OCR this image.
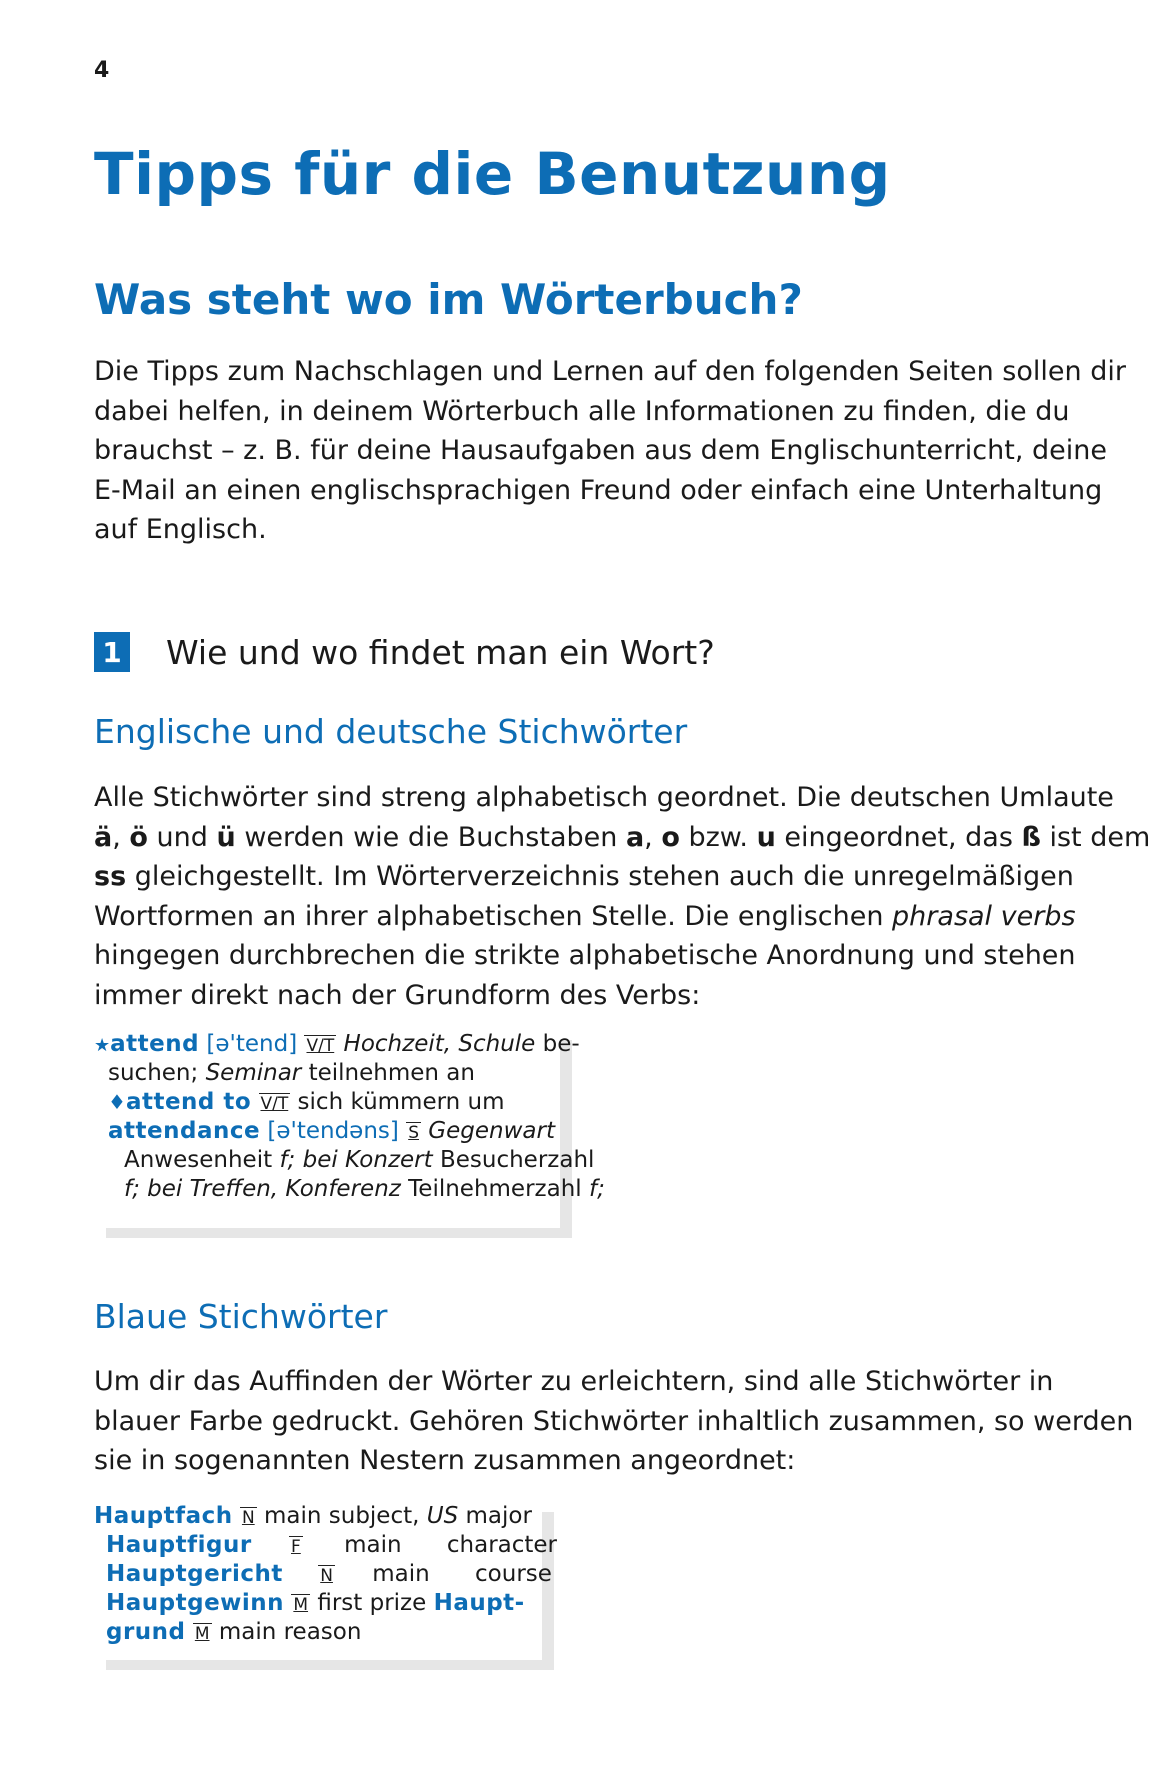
4
Tipps für die Benutzung
Was steht wo im Wörterbuch?
Die Tipps zum Nachschlagen und Lernen auf den folgenden Seiten sollen dir
dabei helfen, in deinem Wörterbuch alle Informationen zu finden, die du
brauchst – z. B. für deine Hausaufgaben aus dem Englischunterricht, deine
E-Mail an einen englischsprachigen Freund oder einfach eine Unterhaltung
auf Englisch.
1 Wie und wo findet man ein Wort?
Englische und deutsche Stichwörter
Alle Stichwörter sind streng alphabetisch geordnet. Die deutschen Umlaute
ä, ö und ü werden wie die Buchstaben a, o bzw. u eingeordnet, das ß ist dem
ss gleichgestellt. Im Wörterverzeichnis stehen auch die unregelmäßigen
Wortformen an ihrer alphabetischen Stelle. Die englischen phrasal verbs
hingegen durchbrechen die strikte alphabetische Anordnung und stehen
immer direkt nach der Grundform des Verbs:
★attend [ə'tend] V/T Hochzeit, Schule be-
suchen; Seminar teilnehmen an
♦attend to V/T sich kümmern um
attendance [ə'tendəns] S Gegenwart
Anwesenheit f; bei Konzert Besucherzahl
f; bei Treffen, Konferenz Teilnehmerzahl f;
Blaue Stichwörter
Um dir das Auffinden der Wörter zu erleichtern, sind alle Stichwörter in
blauer Farbe gedruckt. Gehören Stichwörter inhaltlich zusammen, so werden
sie in sogenannten Nestern zusammen angeordnet:
Hauptfach N main subject, US major
Hauptfigur F main character
Hauptgericht N main course
Hauptgewinn M first prize Haupt-
grund M main reason
